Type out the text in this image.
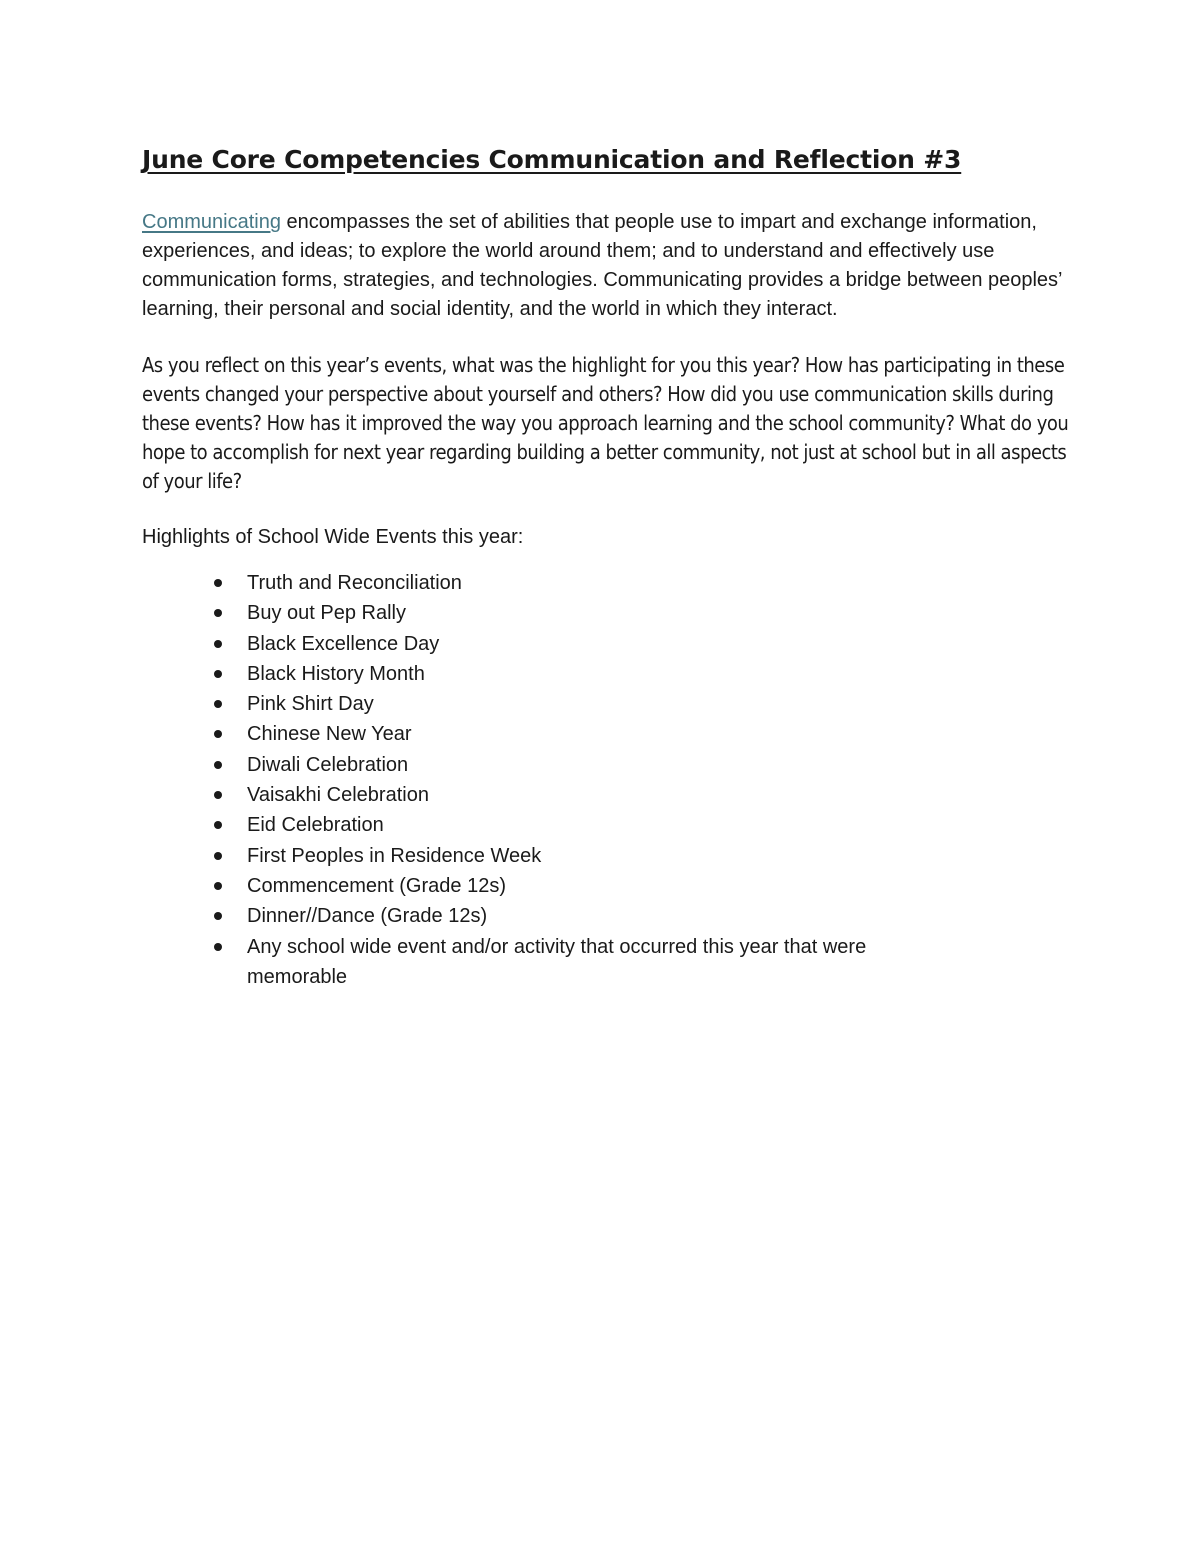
June Core Competencies Communication and Reflection #3

Communicating encompasses the set of abilities that people use to impart and exchange information, experiences, and ideas; to explore the world around them; and to understand and effectively use communication forms, strategies, and technologies. Communicating provides a bridge between peoples’ learning, their personal and social identity, and the world in which they interact.

As you reflect on this year’s events, what was the highlight for you this year? How has participating in these events changed your perspective about yourself and others? How did you use communication skills during these events? How has it improved the way you approach learning and the school community? What do you hope to accomplish for next year regarding building a better community, not just at school but in all aspects of your life?

Highlights of School Wide Events this year:

Truth and Reconciliation
Buy out Pep Rally
Black Excellence Day
Black History Month
Pink Shirt Day
Chinese New Year
Diwali Celebration
Vaisakhi Celebration
Eid Celebration
First Peoples in Residence Week
Commencement (Grade 12s)
Dinner//Dance (Grade 12s)
Any school wide event and/or activity that occurred this year that were memorable
